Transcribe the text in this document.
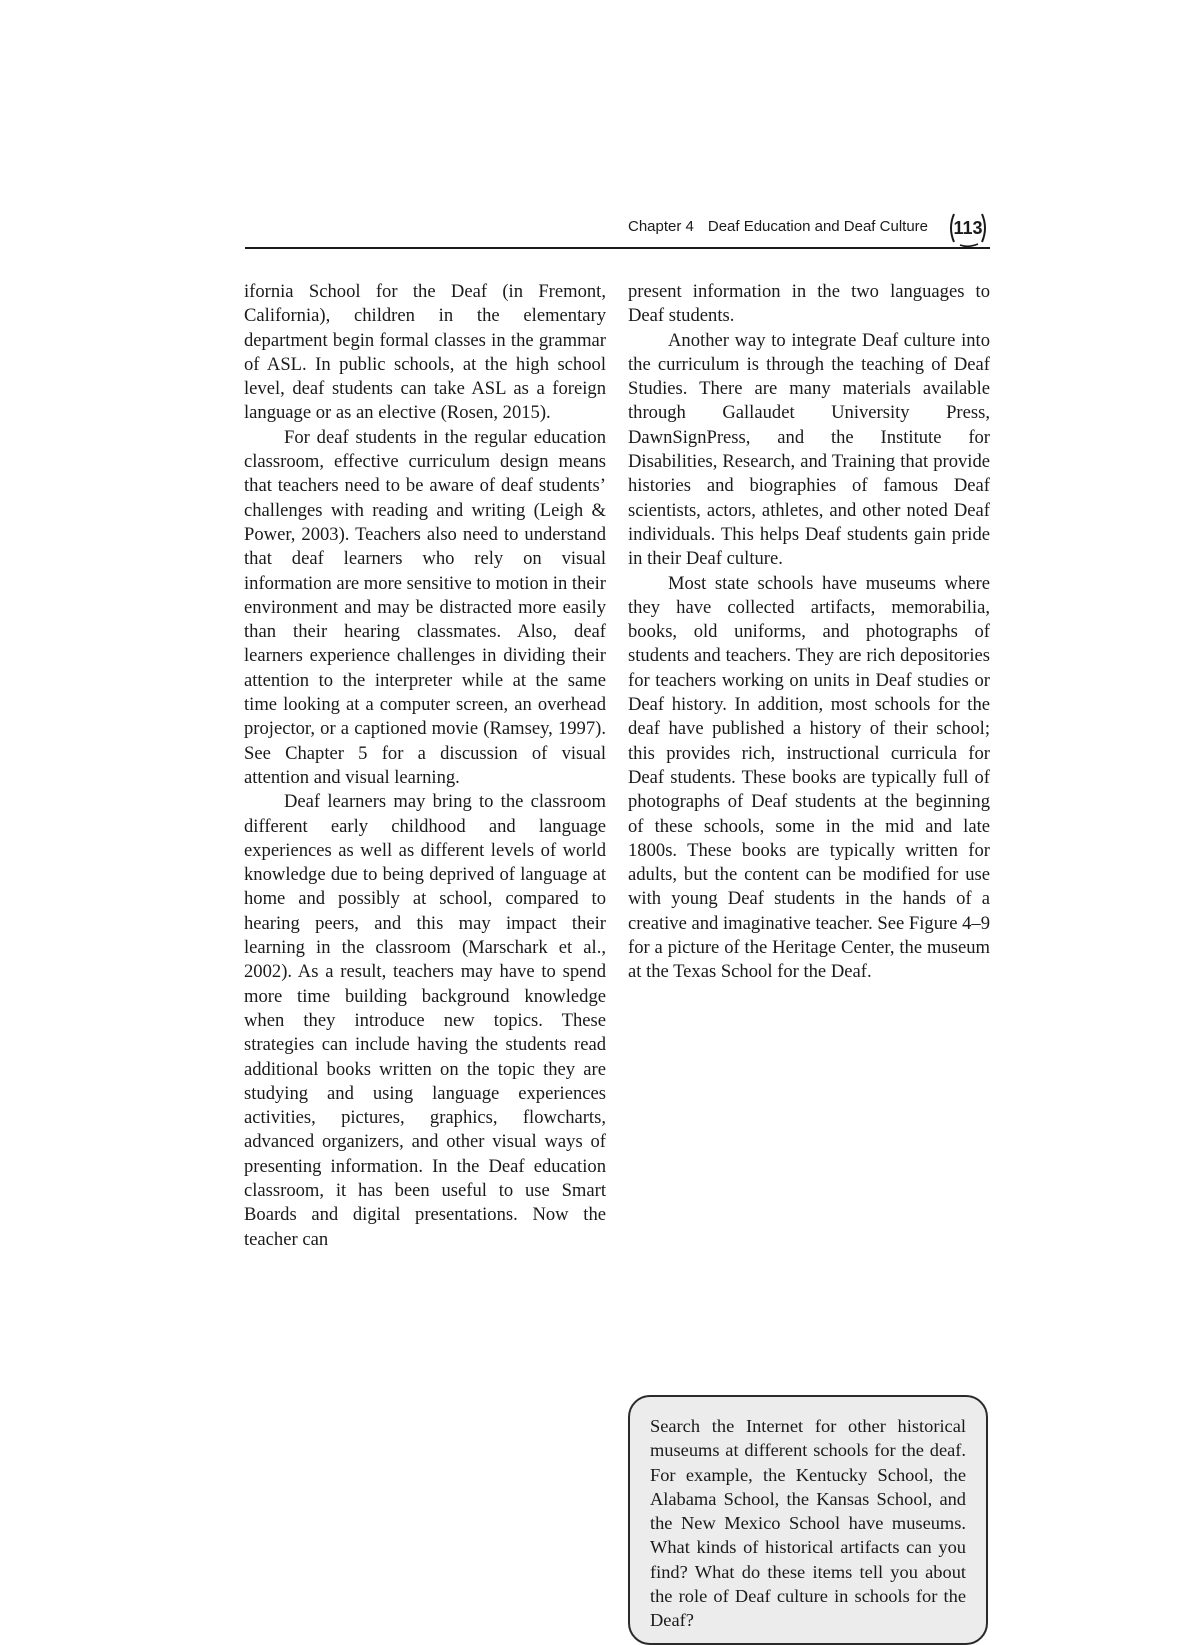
Chapter 4 Deaf Education and Deaf Culture 113

ifornia School for the Deaf (in Fremont, California), children in the elementary department begin formal classes in the grammar of ASL. In public schools, at the high school level, deaf students can take ASL as a foreign language or as an elective (Rosen, 2015).

For deaf students in the regular education classroom, effective curriculum design means that teachers need to be aware of deaf students’ challenges with reading and writing (Leigh & Power, 2003). Teachers also need to understand that deaf learners who rely on visual information are more sensitive to motion in their environment and may be distracted more easily than their hearing classmates. Also, deaf learners experience challenges in dividing their attention to the interpreter while at the same time looking at a computer screen, an overhead projector, or a captioned movie (Ramsey, 1997). See Chapter 5 for a discussion of visual attention and visual learning.

Deaf learners may bring to the classroom different early childhood and language experiences as well as different levels of world knowledge due to being deprived of language at home and possibly at school, compared to hearing peers, and this may impact their learning in the classroom (Marschark et al., 2002). As a result, teachers may have to spend more time building background knowledge when they introduce new topics. These strategies can include having the students read additional books written on the topic they are studying and using language experiences activities, pictures, graphics, flowcharts, advanced organizers, and other visual ways of presenting information. In the Deaf education classroom, it has been useful to use Smart Boards and digital presentations. Now the teacher can

present information in the two languages to Deaf students.

Another way to integrate Deaf culture into the curriculum is through the teaching of Deaf Studies. There are many materials available through Gallaudet University Press, DawnSignPress, and the Institute for Disabilities, Research, and Training that provide histories and biographies of famous Deaf scientists, actors, athletes, and other noted Deaf individuals. This helps Deaf students gain pride in their Deaf culture.

Most state schools have museums where they have collected artifacts, memorabilia, books, old uniforms, and photographs of students and teachers. They are rich depositories for teachers working on units in Deaf studies or Deaf history. In addition, most schools for the deaf have published a history of their school; this provides rich, instructional curricula for Deaf students. These books are typically full of photographs of Deaf students at the beginning of these schools, some in the mid and late 1800s. These books are typically written for adults, but the content can be modified for use with young Deaf students in the hands of a creative and imaginative teacher. See Figure 4–9 for a picture of the Heritage Center, the museum at the Texas School for the Deaf.

Search the Internet for other historical museums at different schools for the deaf. For example, the Kentucky School, the Alabama School, the Kansas School, and the New Mexico School have museums. What kinds of historical artifacts can you find? What do these items tell you about the role of Deaf culture in schools for the Deaf?
